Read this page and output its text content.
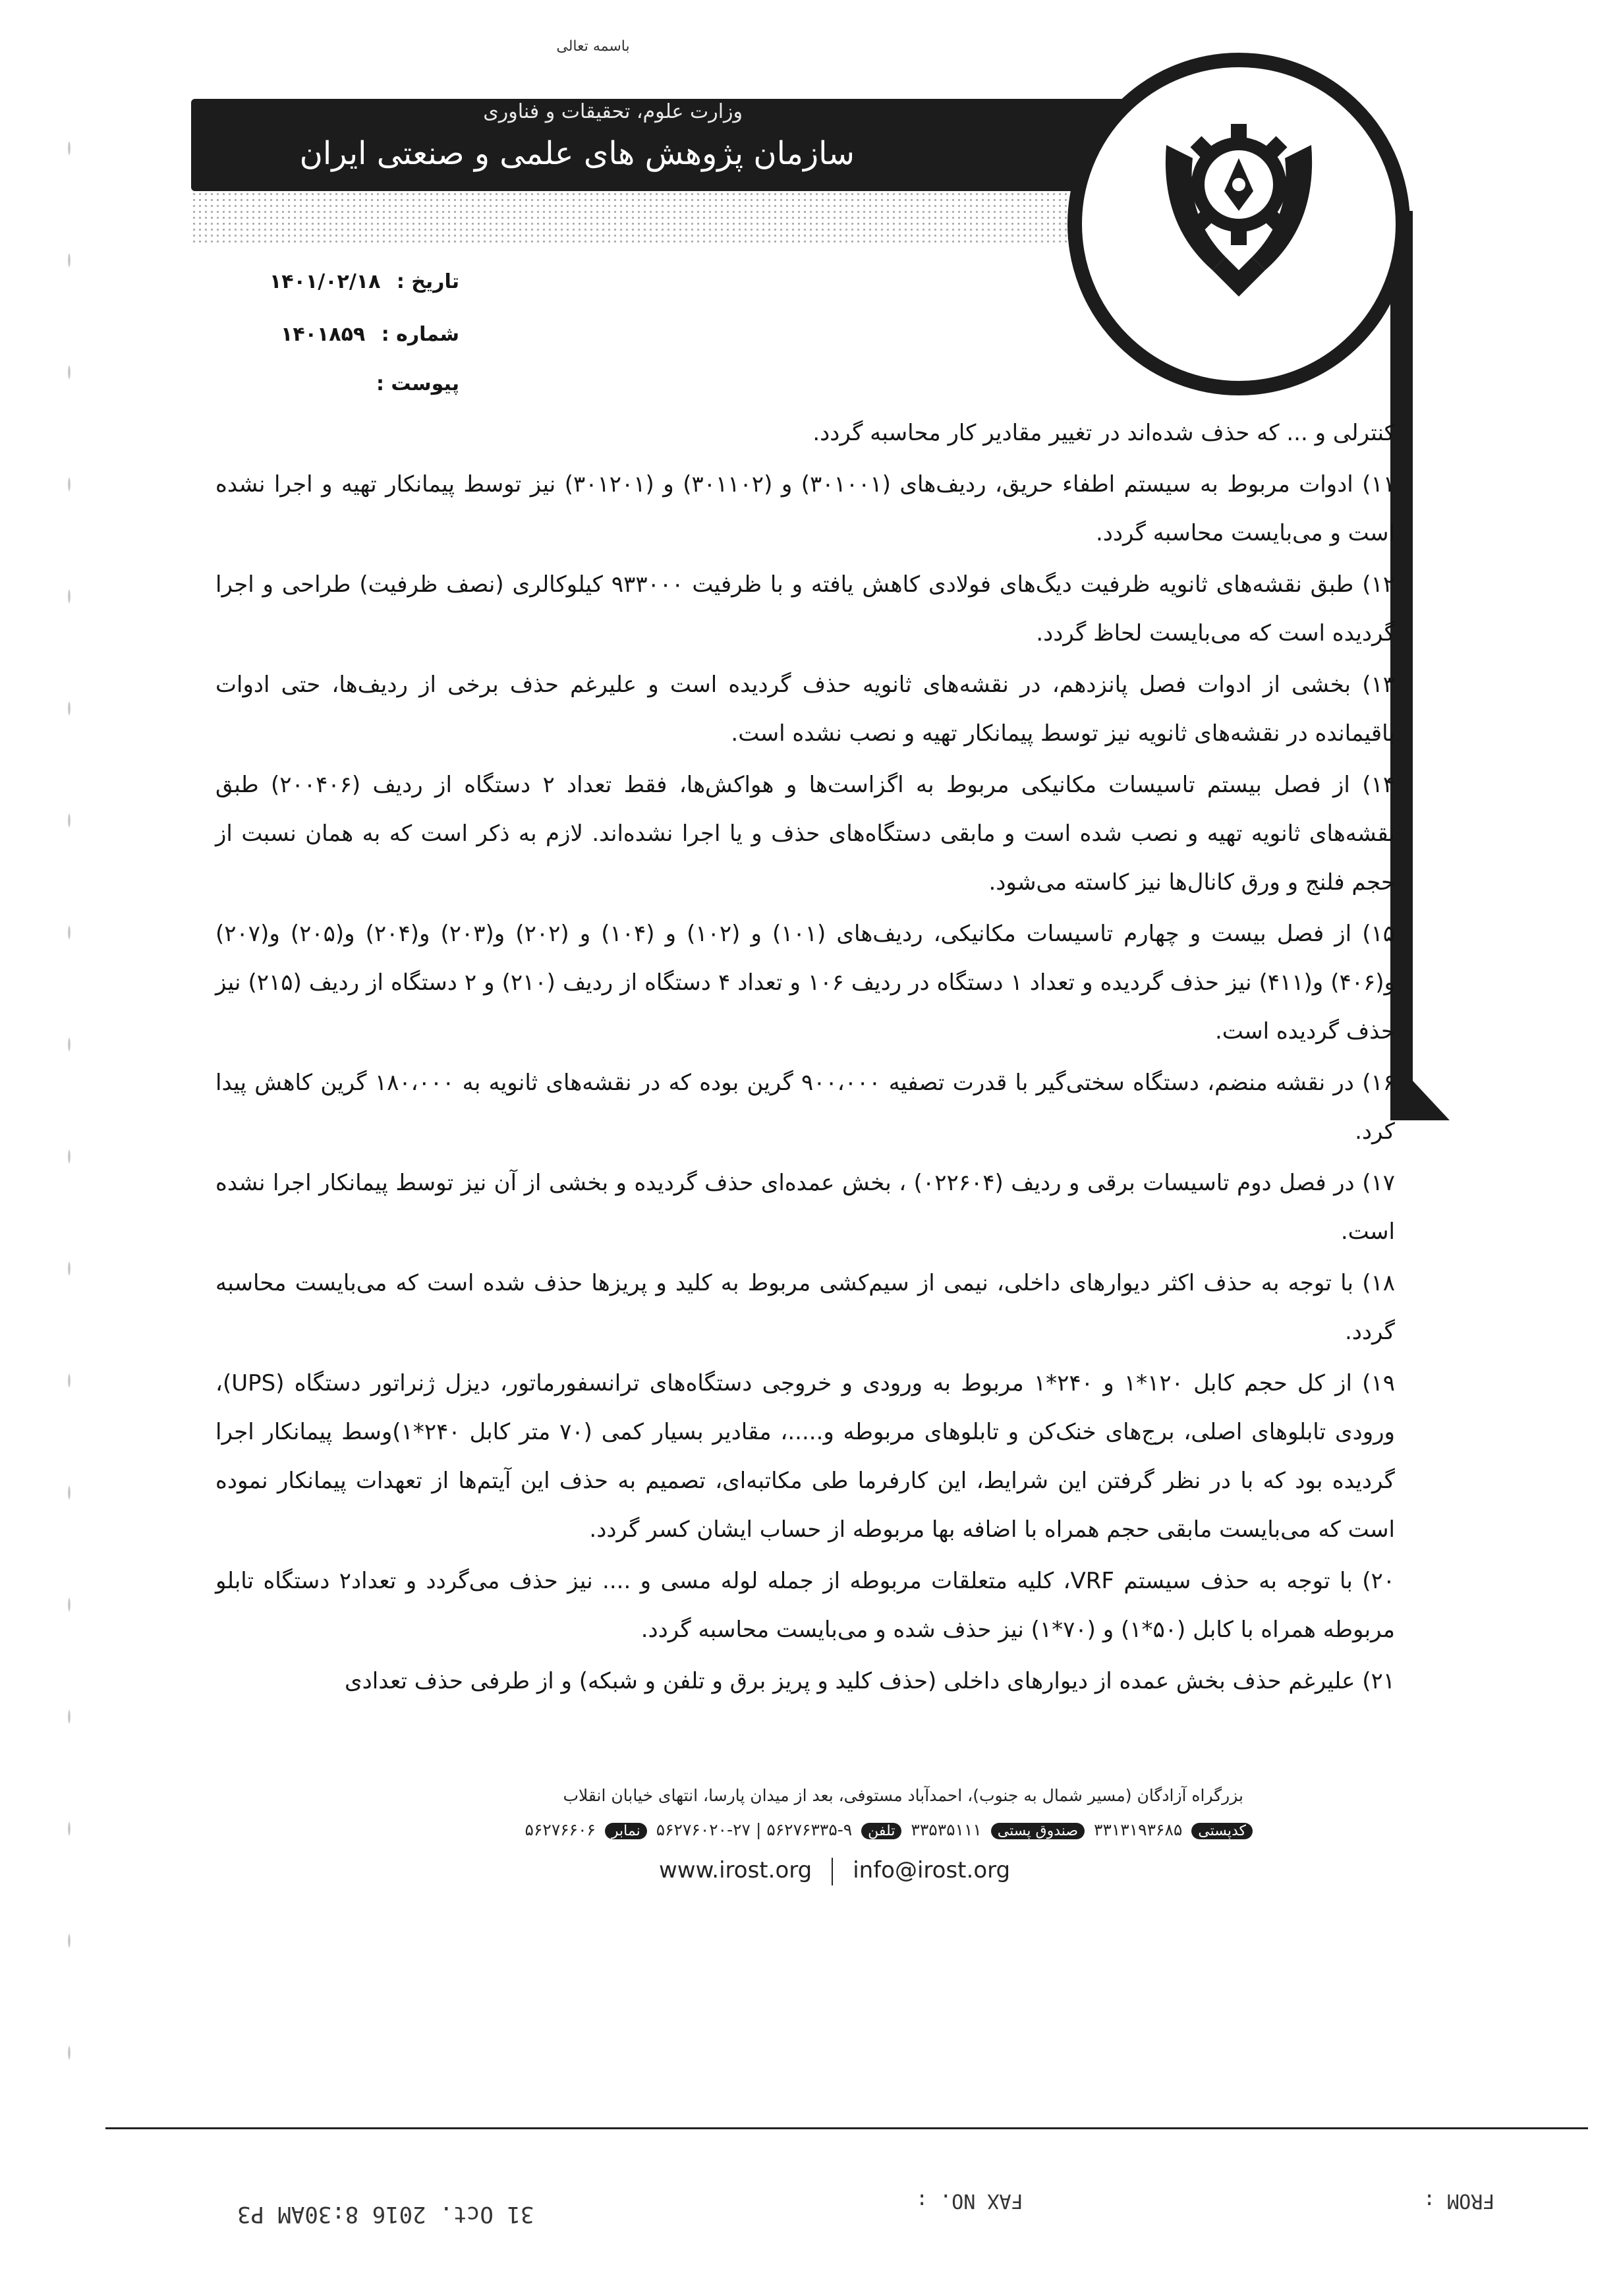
باسمه تعالی
وزارت علوم، تحقیقات و فناوری
سازمان پژوهش های علمی و صنعتی ایران
تاریخ : ۱۴۰۱/۰۲/۱۸
شماره : ۱۴۰۱۸۵۹
پیوست :

کنترلی و ... که حذف شده‌اند در تغییر مقادیر کار محاسبه گردد.

۱۱) ادوات مربوط به سیستم اطفاء حریق، ردیف‌های (۳۰۱۰۰۱) و (۳۰۱۱۰۲) و (۳۰۱۲۰۱) نیز توسط پیمانکار تهیه و اجرا نشده است و می‌بایست محاسبه گردد.

۱۲) طبق نقشه‌های ثانویه ظرفیت دیگ‌های فولادی کاهش یافته و با ظرفیت ۹۳۳۰۰۰ کیلوکالری (نصف ظرفیت) طراحی و اجرا گردیده است که می‌بایست لحاظ گردد.

۱۳) بخشی از ادوات فصل پانزدهم، در نقشه‌های ثانویه حذف گردیده است و علیرغم حذف برخی از ردیف‌ها، حتی ادوات باقیمانده در نقشه‌های ثانویه نیز توسط پیمانکار تهیه و نصب نشده است.

۱۴) از فصل بیستم تاسیسات مکانیکی مربوط به اگزاست‌ها و هواکش‌ها، فقط تعداد ۲ دستگاه از ردیف (۲۰۰۴۰۶) طبق نقشه‌های ثانویه تهیه و نصب شده است و مابقی دستگاه‌های حذف و یا اجرا نشده‌اند. لازم به ذکر است که به همان نسبت از حجم فلنج و ورق کانال‌ها نیز کاسته می‌شود.

۱۵) از فصل بیست و چهارم تاسیسات مکانیکی، ردیف‌های (۱۰۱) و (۱۰۲) و (۱۰۴) و (۲۰۲) و(۲۰۳) و(۲۰۴) و(۲۰۵) و(۲۰۷) و(۴۰۶) و(۴۱۱) نیز حذف گردیده و تعداد ۱ دستگاه در ردیف ۱۰۶ و تعداد ۴ دستگاه از ردیف (۲۱۰) و ۲ دستگاه از ردیف (۲۱۵) نیز حذف گردیده است.

۱۶) در نقشه منضم، دستگاه سختی‌گیر با قدرت تصفیه ۹۰۰،۰۰۰ گرین بوده که در نقشه‌های ثانویه به ۱۸۰،۰۰۰ گرین کاهش پیدا کرد.

۱۷) در فصل دوم تاسیسات برقی و ردیف (۰۲۲۶۰۴) ، بخش عمده‌ای حذف گردیده و بخشی از آن نیز توسط پیمانکار اجرا نشده است.

۱۸) با توجه به حذف اکثر دیوارهای داخلی، نیمی از سیم‌کشی مربوط به کلید و پریزها حذف شده است که می‌بایست محاسبه گردد.

۱۹) از کل حجم کابل ۱۲۰*۱ و ۲۴۰*۱ مربوط به ورودی و خروجی دستگاه‌های ترانسفورماتور، دیزل ژنراتور دستگاه (UPS)، ورودی تابلوهای اصلی، برج‌های خنک‌کن و تابلوهای مربوطه و.....، مقادیر بسیار کمی (۷۰ متر کابل ۲۴۰*۱)وسط پیمانکار اجرا گردیده بود که با در نظر گرفتن این شرایط، این کارفرما طی مکاتبه‌ای، تصمیم به حذف این آیتم‌ها از تعهدات پیمانکار نموده است که می‌بایست مابقی حجم همراه با اضافه بها مربوطه از حساب ایشان کسر گردد.

۲۰) با توجه به حذف سیستم VRF، کلیه متعلقات مربوطه از جمله لوله مسی و .... نیز حذف می‌گردد و تعداد۲ دستگاه تابلو مربوطه همراه با کابل (۵۰*۱) و (۷۰*۱) نیز حذف شده و می‌بایست محاسبه گردد.

۲۱) علیرغم حذف بخش عمده از دیوارهای داخلی (حذف کلید و پریز برق و تلفن و شبکه) و از طرفی حذف تعدادی

بزرگراه آزادگان (مسیر شمال به جنوب)، احمدآباد مستوفی، بعد از میدان پارسا، انتهای خیابان انقلاب
کدپستی ۳۳۱۳۱۹۳۶۸۵ صندوق پستی ۳۳۵۳۵۱۱۱ تلفن ۵۶۲۷۶۳۳۵-۹ | ۵۶۲۷۶۰۲۰-۲۷ نمابر ۵۶۲۷۶۶۰۶
www.irost.org info@irost.org
FROM :
FAX NO. :
31 Oct. 2016 8:30AM P3
